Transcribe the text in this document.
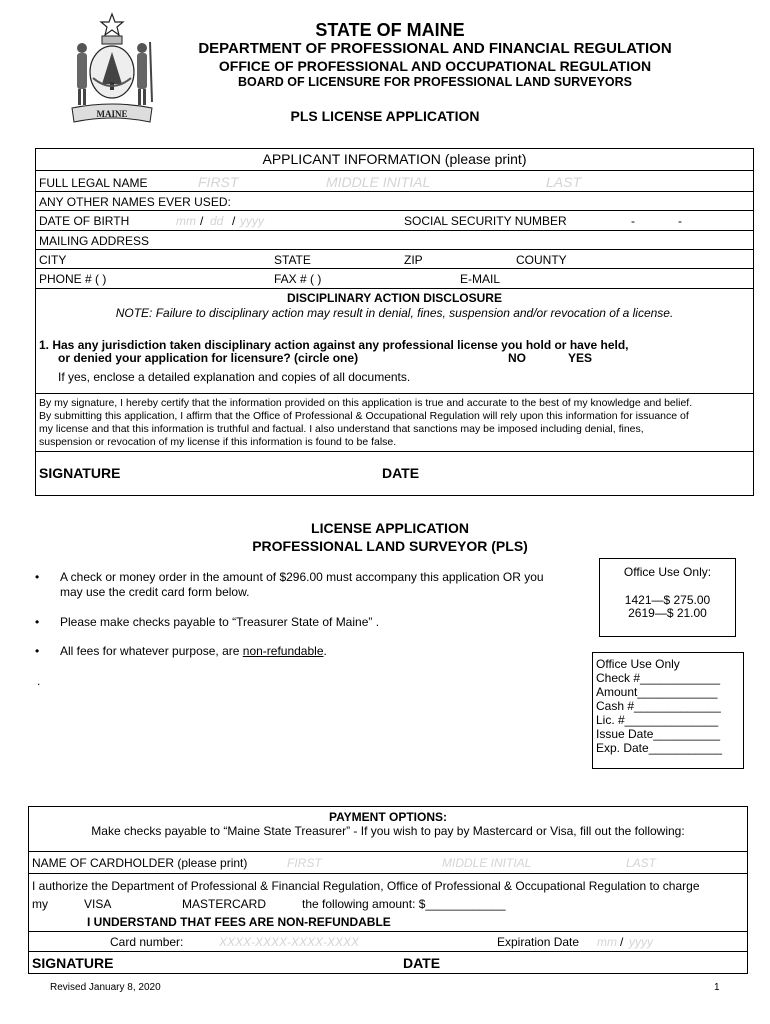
MAINE
STATE OF MAINE
DEPARTMENT OF PROFESSIONAL AND FINANCIAL REGULATION
OFFICE OF PROFESSIONAL AND OCCUPATIONAL REGULATION
BOARD OF LICENSURE FOR PROFESSIONAL LAND SURVEYORS
PLS LICENSE APPLICATION
APPLICANT INFORMATION (please print)
FULL LEGAL NAME	FIRST	MIDDLE INITIAL	LAST
ANY OTHER NAMES EVER USED:
DATE OF BIRTH	mm / dd / yyyy	SOCIAL SECURITY NUMBER	-	-
MAILING ADDRESS
CITY	STATE	ZIP	COUNTY
PHONE # ( )	FAX # ( )	E-MAIL
DISCIPLINARY ACTION DISCLOSURE
NOTE: Failure to disciplinary action may result in denial, fines, suspension and/or revocation of a license.
1. Has any jurisdiction taken disciplinary action against any professional license you hold or have held,
or denied your application for licensure? (circle one)	NO	YES
If yes, enclose a detailed explanation and copies of all documents.
By my signature, I hereby certify that the information provided on this application is true and accurate to the best of my knowledge and belief.
By submitting this application, I affirm that the Office of Professional & Occupational Regulation will rely upon this information for issuance of
my license and that this information is truthful and factual. I also understand that sanctions may be imposed including denial, fines,
suspension or revocation of my license if this information is found to be false.
SIGNATURE	DATE
LICENSE APPLICATION
PROFESSIONAL LAND SURVEYOR (PLS)
• A check or money order in the amount of $296.00 must accompany this application OR you
may use the credit card form below.
• Please make checks payable to “Treasurer State of Maine” .
• All fees for whatever purpose, are non-refundable.
.
Office Use Only:
1421—$ 275.00
2619—$ 21.00
Office Use Only
Check #____________
Amount____________
Cash #_____________
Lic. #______________
Issue Date__________
Exp. Date___________
PAYMENT OPTIONS:
Make checks payable to “Maine State Treasurer” - If you wish to pay by Mastercard or Visa, fill out the following:
NAME OF CARDHOLDER (please print)	FIRST	MIDDLE INITIAL	LAST
I authorize the Department of Professional & Financial Regulation, Office of Professional & Occupational Regulation to charge
my	VISA	MASTERCARD	the following amount: $____________
I UNDERSTAND THAT FEES ARE NON-REFUNDABLE
Card number:	XXXX-XXXX-XXXX-XXXX	Expiration Date mm / yyyy
SIGNATURE	DATE
Revised January 8, 2020	1
